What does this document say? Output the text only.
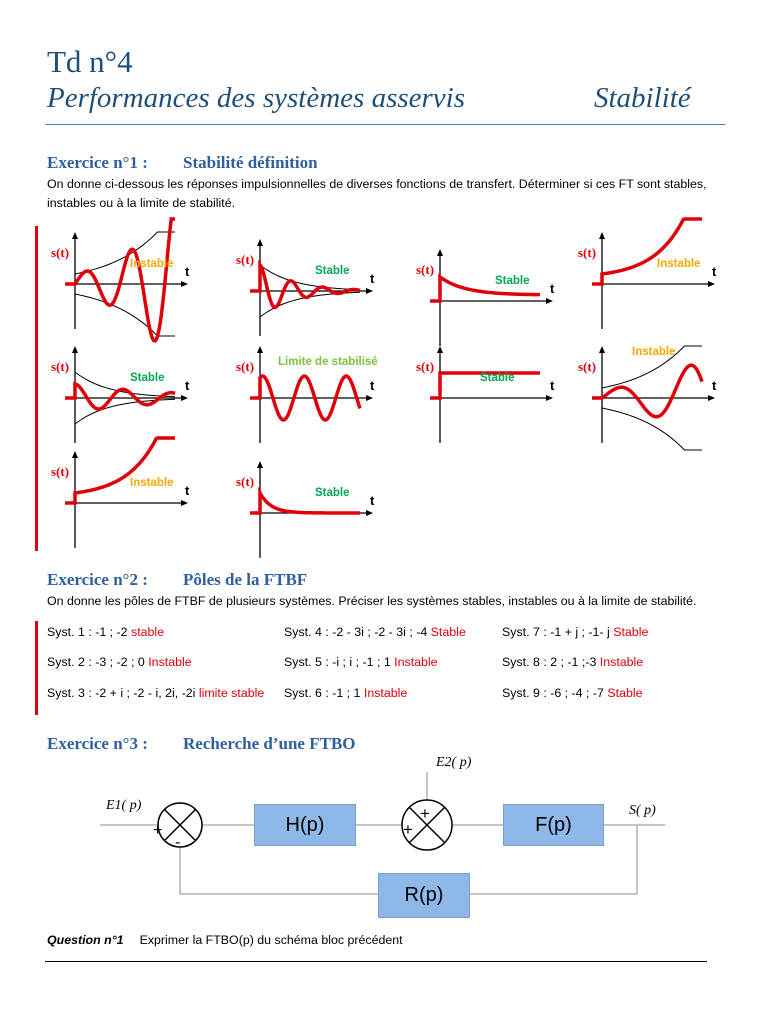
Td n°4
Performances des systèmes asservis	Stabilité
Exercice n°1 : Stabilité définition
On donne ci-dessous les réponses impulsionnelles de diverses fonctions de transfert. Déterminer si ces FT sont stables, instables ou à la limite de stabilité.
s(t)
t
Instable	s(t)
t
Stable	s(t)
t
Stable
s(t)
t
Instable
s(t)
t
Stable
s(t)
t
Limite de stabilisé	s(t)
t
Stable
s(t)
t
Instable
s(t)
t
Instable	s(t)
t
Stable
Exercice n°2 : Pôles de la FTBF
On donne les pôles de FTBF de plusieurs systèmes. Préciser les systèmes stables, instables ou à la limite de stabilité.
Syst. 1 : -1 ; -2 stable
Syst. 2 : -3 ; -2 ; 0 Instable
Syst. 3 : -2 + i ; -2 - i, 2i, -2i limite stable
Syst. 4 : -2 - 3i ; -2 - 3i ; -4 Stable
Syst. 5 : -i ; i ; -1 ; 1 Instable
Syst. 6 : -1 ; 1 Instable
Syst. 7 : -1 + j ; -1- j Stable
Syst. 8 : 2 ; -1 ;-3 Instable
Syst. 9 : -6 ; -4 ; -7 Stable
Exercice n°3 : Recherche d’une FTBO
+
-
+
+
H(p)	F(p)
R(p)
E1( p)
E2( p)
S( p)
Question n°1 Exprimer la FTBO(p) du schéma bloc précédent
